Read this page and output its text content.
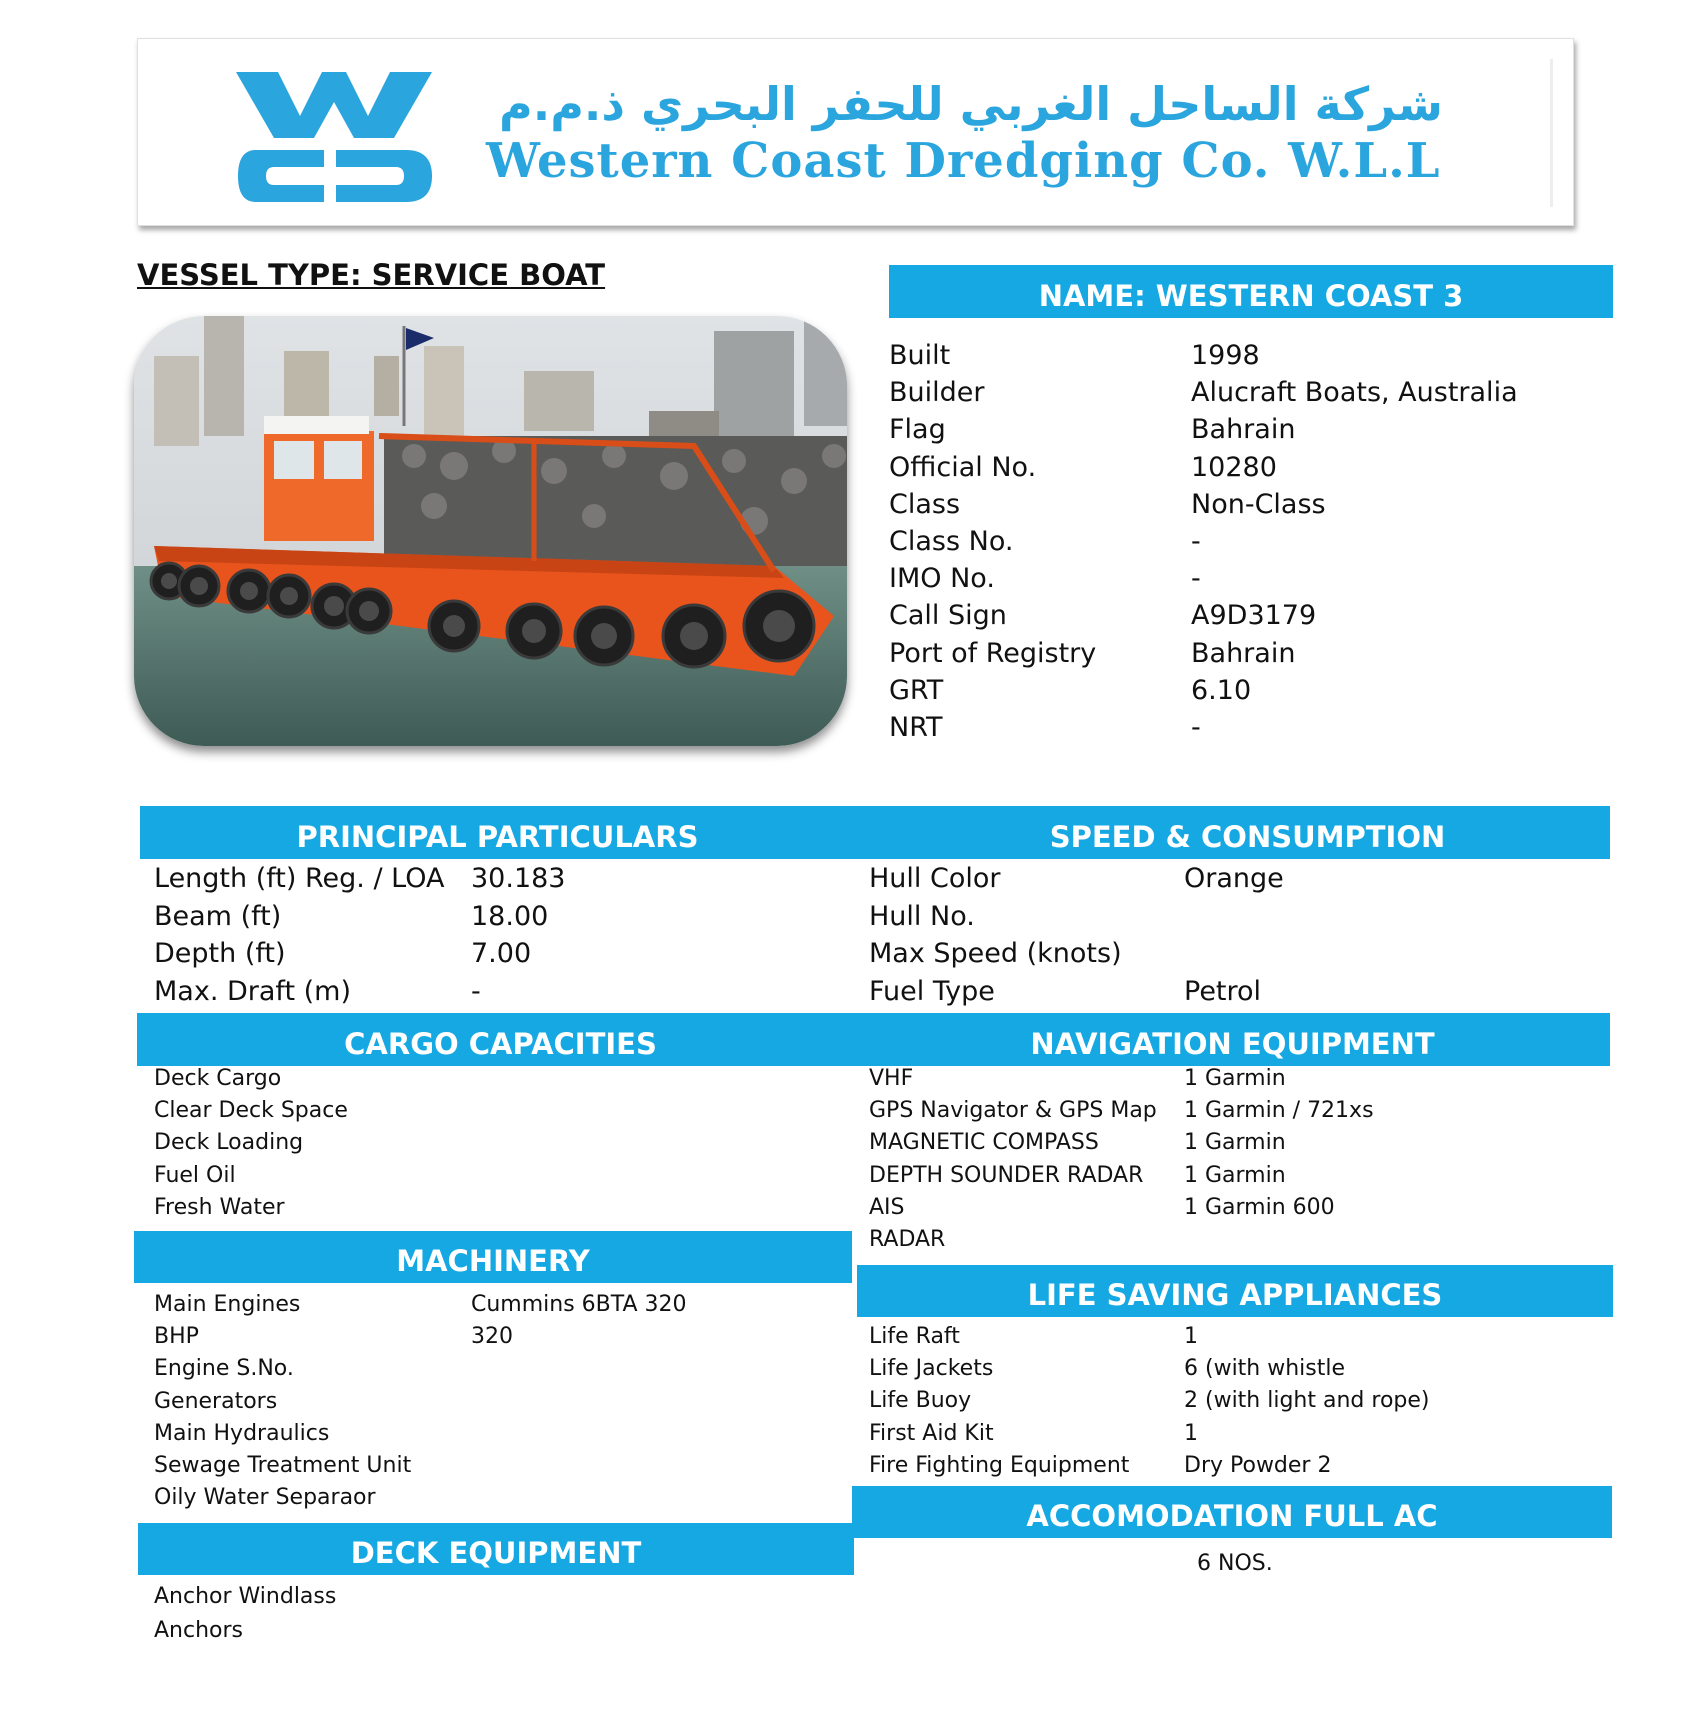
شركة الساحل الغربي للحفر البحري ذ.م.م
Western Coast Dredging Co. W.L.L
VESSEL TYPE: SERVICE BOAT
NAME: WESTERN COAST 3
Built	1998
Builder	Alucraft Boats, Australia
Flag	Bahrain
Official No.	10280
Class	Non-Class
Class No.	-
IMO No.	-
Call Sign	A9D3179
Port of Registry	Bahrain
GRT	6.10
NRT	-
PRINCIPAL PARTICULARS
Length (ft) Reg. / LOA 30.183
Beam (ft)	18.00
Depth (ft)	7.00
Max. Draft (m)	-
SPEED & CONSUMPTION
Hull Color	Orange
Hull No.
Max Speed (knots)
Fuel Type	Petrol
CARGO CAPACITIES
Deck Cargo
Clear Deck Space
Deck Loading
Fuel Oil
Fresh Water
NAVIGATION EQUIPMENT
VHF	1 Garmin
GPS Navigator & GPS Map 1 Garmin / 721xs
MAGNETIC COMPASS	1 Garmin
DEPTH SOUNDER RADAR 1 Garmin
AIS	1 Garmin 600
RADAR
MACHINERY
Main Engines	Cummins 6BTA 320
BHP	320
Engine S.No.
Generators
Main Hydraulics
Sewage Treatment Unit
Oily Water Separaor
LIFE SAVING APPLIANCES
Life Raft	1
Life Jackets	6 (with whistle
Life Buoy	2 (with light and rope)
First Aid Kit	1
Fire Fighting Equipment Dry Powder 2
ACCOMODATION FULL AC
6 NOS.
DECK EQUIPMENT
Anchor Windlass
Anchors
